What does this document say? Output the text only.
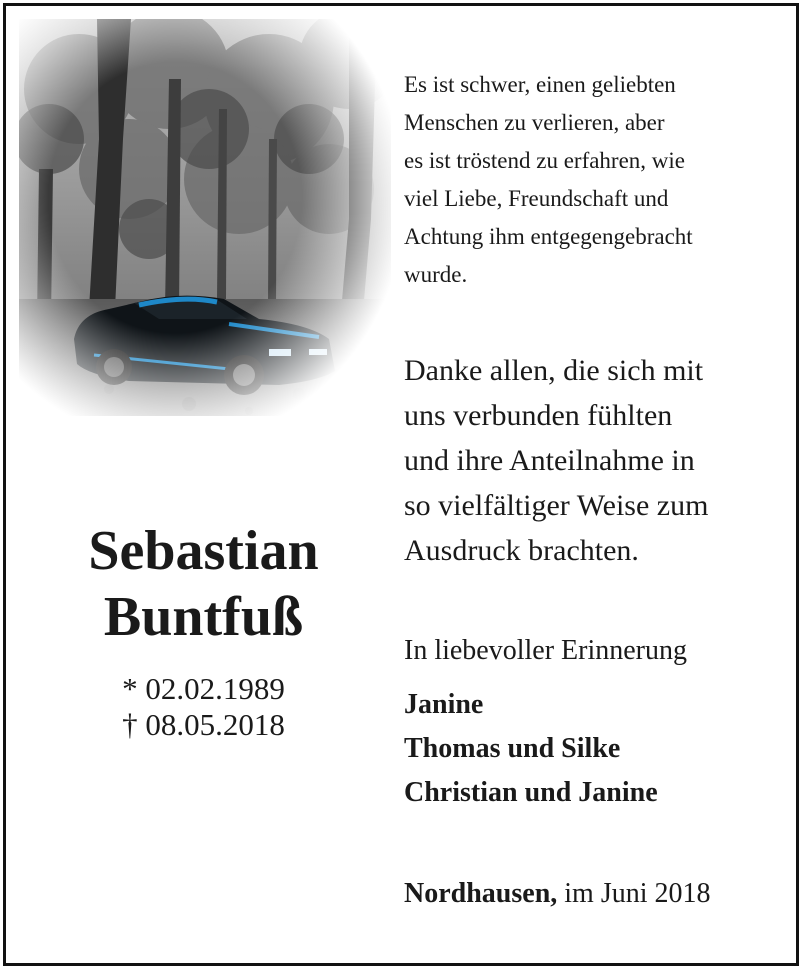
Sebastian
Buntfuß
* 02.02.1989
† 08.05.2018
Es ist schwer, einen geliebten
Menschen zu verlieren, aber
es ist tröstend zu erfahren, wie
viel Liebe, Freundschaft und
Achtung ihm entgegengebracht
wurde.
Danke allen, die sich mit
uns verbunden fühlten
und ihre Anteilnahme in
so vielfältiger Weise zum
Ausdruck brachten.
In liebevoller Erinnerung
Janine
Thomas und Silke
Christian und Janine
Nordhausen, im Juni 2018
